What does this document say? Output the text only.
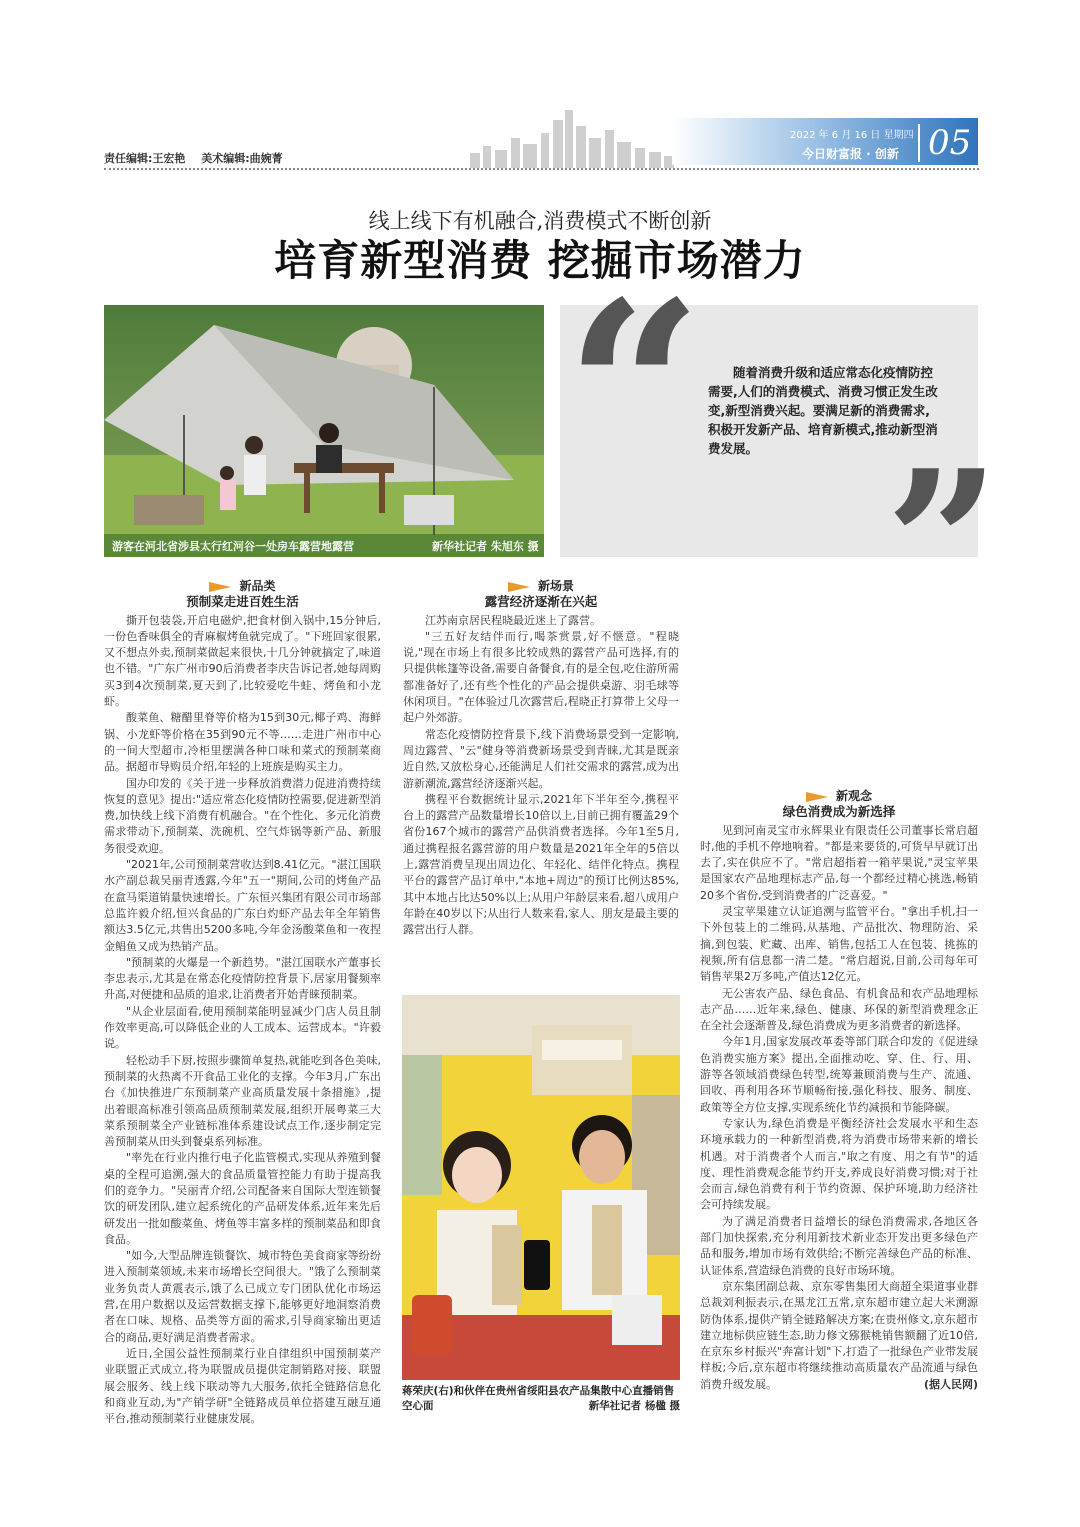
责任编辑:王宏艳 美术编辑:曲婉菁
2022 年 6 月 16 日 星期四
今日财富报 · 创新 05
线上线下有机融合,消费模式不断创新
培育新型消费 挖掘市场潜力
游客在河北省涉县太行红河谷一处房车露营地露营	新华社记者 朱旭东 摄
“
”
随着消费升级和适应常态化疫情防控需要,人们的消费模式、消费习惯正发生改变,新型消费兴起。要满足新的消费需求,积极开发新产品、培育新模式,推动新型消费发展。
新品类
预制菜走进百姓生活

撕开包装袋,开启电磁炉,把食材倒入锅中,15分钟后,一份色香味俱全的青麻椒烤鱼就完成了。"下班回家很累,又不想点外卖,预制菜做起来很快,十几分钟就搞定了,味道也不错。"广东广州市90后消费者李庆告诉记者,她每周购买3到4次预制菜,夏天到了,比较爱吃牛蛙、烤鱼和小龙虾。

酸菜鱼、糖醋里脊等价格为15到30元,椰子鸡、海鲜锅、小龙虾等价格在35到90元不等……走进广州市中心的一间大型超市,冷柜里摆满各种口味和菜式的预制菜商品。据超市导购员介绍,年轻的上班族是购买主力。

国办印发的《关于进一步释放消费潜力促进消费持续恢复的意见》提出:"适应常态化疫情防控需要,促进新型消费,加快线上线下消费有机融合。"在个性化、多元化消费需求带动下,预制菜、洗碗机、空气炸锅等新产品、新服务很受欢迎。

"2021年,公司预制菜营收达到8.41亿元。"湛江国联水产副总裁吴丽青透露,今年"五一"期间,公司的烤鱼产品在盒马渠道销量快速增长。广东恒兴集团有限公司市场部总监许毅介绍,恒兴食品的广东白灼虾产品去年全年销售额达3.5亿元,共售出5200多吨,今年金汤酸菜鱼和一夜捏金鲳鱼又成为热销产品。

"预制菜的火爆是一个新趋势。"湛江国联水产董事长李忠表示,尤其是在常态化疫情防控背景下,居家用餐频率升高,对便捷和品质的追求,让消费者开始青睐预制菜。

"从企业层面看,使用预制菜能明显减少门店人员且制作效率更高,可以降低企业的人工成本、运营成本。"许毅说。

轻松动手下厨,按照步骤简单复热,就能吃到各色美味,预制菜的火热离不开食品工业化的支撑。今年3月,广东出台《加快推进广东预制菜产业高质量发展十条措施》,提出着眼高标准引领高品质预制菜发展,组织开展粤菜三大菜系预制菜全产业链标准体系建设试点工作,逐步制定完善预制菜从田头到餐桌系列标准。

"率先在行业内推行电子化监管模式,实现从养殖到餐桌的全程可追溯,强大的食品质量管控能力有助于提高我们的竞争力。"吴丽青介绍,公司配备来自国际大型连锁餐饮的研发团队,建立起系统化的产品研发体系,近年来先后研发出一批如酸菜鱼、烤鱼等丰富多样的预制菜品和即食食品。

"如今,大型品牌连锁餐饮、城市特色美食商家等纷纷进入预制菜领域,未来市场增长空间很大。"饿了么预制菜业务负责人黄震表示,饿了么已成立专门团队优化市场运营,在用户数据以及运营数据支撑下,能够更好地洞察消费者在口味、规格、品类等方面的需求,引导商家输出更适合的商品,更好满足消费者需求。

近日,全国公益性预制菜行业自律组织中国预制菜产业联盟正式成立,将为联盟成员提供定制销路对接、联盟展会服务、线上线下联动等九大服务,依托全链路信息化和商业互动,为"产销学研"全链路成员单位搭建互融互通平台,推动预制菜行业健康发展。

新场景
露营经济逐渐在兴起

江苏南京居民程晓最近迷上了露营。

"三五好友结伴而行,喝茶赏景,好不惬意。"程晓说,"现在市场上有很多比较成熟的露营产品可选择,有的只提供帐篷等设备,需要自备餐食,有的是全包,吃住游所需都准备好了,还有些个性化的产品会提供桌游、羽毛球等休闲项目。"在体验过几次露营后,程晓正打算带上父母一起户外郊游。

常态化疫情防控背景下,线下消费场景受到一定影响,周边露营、"云"健身等消费新场景受到青睐,尤其是既亲近自然,又放松身心,还能满足人们社交需求的露营,成为出游新潮流,露营经济逐渐兴起。

携程平台数据统计显示,2021年下半年至今,携程平台上的露营产品数量增长10倍以上,目前已拥有覆盖29个省份167个城市的露营产品供消费者选择。今年1至5月,通过携程报名露营游的用户数量是2021年全年的5倍以上,露营消费呈现出周边化、年轻化、结伴化特点。携程平台的露营产品订单中,"本地+周边"的预订比例达85%,其中本地占比达50%以上;从用户年龄层来看,超八成用户年龄在40岁以下;从出行人数来看,家人、朋友是最主要的露营出行人群。

蒋荣庆(右)和伙伴在贵州省绥阳县农产品集散中心直播销售空心面	新华社记者 杨楹 摄
新观念
绿色消费成为新选择

见到河南灵宝市永辉果业有限责任公司董事长常启超时,他的手机不停地响着。"都是来要货的,可货早早就订出去了,实在供应不了。"常启超指着一箱苹果说,"灵宝苹果是国家农产品地理标志产品,每一个都经过精心挑选,畅销20多个省份,受到消费者的广泛喜爱。"

灵宝苹果建立认证追溯与监管平台。"拿出手机,扫一下外包装上的二维码,从基地、产品批次、物理防治、采摘,到包装、贮藏、出库、销售,包括工人在包装、挑拣的视频,所有信息都一清二楚。"常启超说,目前,公司每年可销售苹果2万多吨,产值达12亿元。

无公害农产品、绿色食品、有机食品和农产品地理标志产品……近年来,绿色、健康、环保的新型消费理念正在全社会逐渐普及,绿色消费成为更多消费者的新选择。

今年1月,国家发展改革委等部门联合印发的《促进绿色消费实施方案》提出,全面推动吃、穿、住、行、用、游等各领域消费绿色转型,统筹兼顾消费与生产、流通、回收、再利用各环节顺畅衔接,强化科技、服务、制度、政策等全方位支撑,实现系统化节约减损和节能降碳。

专家认为,绿色消费是平衡经济社会发展水平和生态环境承载力的一种新型消费,将为消费市场带来新的增长机遇。对于消费者个人而言,"取之有度、用之有节"的适度、理性消费观念能节约开支,养成良好消费习惯;对于社会而言,绿色消费有利于节约资源、保护环境,助力经济社会可持续发展。

为了满足消费者日益增长的绿色消费需求,各地区各部门加快探索,充分利用新技术新业态开发出更多绿色产品和服务,增加市场有效供给;不断完善绿色产品的标准、认证体系,营造绿色消费的良好市场环境。

京东集团副总裁、京东零售集团大商超全渠道事业群总裁刘利振表示,在黑龙江五常,京东超市建立起大米溯源防伪体系,提供产销全链路解决方案;在贵州修文,京东超市建立地标供应链生态,助力修文猕猴桃销售额翻了近10倍,在京东乡村振兴"奔富计划"下,打造了一批绿色产业带发展样板;今后,京东超市将继续推动高质量农产品流通与绿色消费升级发展。	(据人民网)
